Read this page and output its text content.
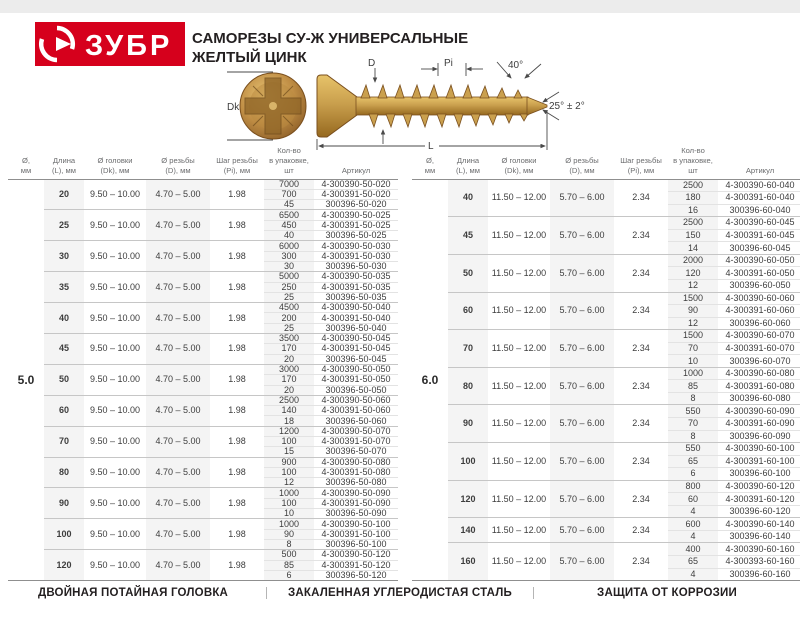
ЗУБР САМОРЕЗЫ СУ-Ж УНИВЕРСАЛЬНЫЕ
ЖЕЛТЫЙ ЦИНК
Dk
D	Pi	40°
25° ± 2°
L
Ø,
мм

Длина
(L), мм

Ø головки
(Dk), мм

Ø резьбы
(D), мм

Шаг резьбы
(Pi), мм

Кол-во
в упаковке, шт	Артикул

5.0	20	9.50 – 10.00	4.70 – 5.00	1.98	7000	4-300390-50-020
					700	4-300391-50-020
					45	300396-50-020
	25	9.50 – 10.00	4.70 – 5.00	1.98	6500	4-300390-50-025
					450	4-300391-50-025
					40	300396-50-025
	30	9.50 – 10.00	4.70 – 5.00	1.98	6000	4-300390-50-030
					300	4-300391-50-030
					30	300396-50-030
	35	9.50 – 10.00	4.70 – 5.00	1.98	5000	4-300390-50-035
					250	4-300391-50-035
					25	300396-50-035
	40	9.50 – 10.00	4.70 – 5.00	1.98	4500	4-300390-50-040
					200	4-300391-50-040
					25	300396-50-040
	45	9.50 – 10.00	4.70 – 5.00	1.98	3500	4-300390-50-045
					170	4-300391-50-045
					20	300396-50-045
	50	9.50 – 10.00	4.70 – 5.00	1.98	3000	4-300390-50-050
					170	4-300391-50-050
					20	300396-50-050
	60	9.50 – 10.00	4.70 – 5.00	1.98	2500	4-300390-50-060
					140	4-300391-50-060
					18	300396-50-060
	70	9.50 – 10.00	4.70 – 5.00	1.98	1200	4-300390-50-070
					100	4-300391-50-070
					15	300396-50-070
	80	9.50 – 10.00	4.70 – 5.00	1.98	900	4-300390-50-080
					100	4-300391-50-080
					12	300396-50-080
	90	9.50 – 10.00	4.70 – 5.00	1.98	1000	4-300390-50-090
					100	4-300391-50-090
					10	300396-50-090
	100	9.50 – 10.00	4.70 – 5.00	1.98	1000	4-300390-50-100
					90	4-300391-50-100
					8	300396-50-100
	120	9.50 – 10.00	4.70 – 5.00	1.98	500	4-300390-50-120
					85	4-300391-50-120
					6	300396-50-120
Ø,
мм

Длина
(L), мм

Ø головки
(Dk), мм

Ø резьбы
(D), мм

Шаг резьбы
(Pi), мм

Кол-во
в упаковке, шт	Артикул

6.0	40	11.50 – 12.00	5.70 – 6.00	2.34	2500	4-300390-60-040
					180	4-300391-60-040
					16	300396-60-040
	45	11.50 – 12.00	5.70 – 6.00	2.34	2500	4-300390-60-045
					150	4-300391-60-045
					14	300396-60-045
	50	11.50 – 12.00	5.70 – 6.00	2.34	2000	4-300390-60-050
					120	4-300391-60-050
					12	300396-60-050
	60	11.50 – 12.00	5.70 – 6.00	2.34	1500	4-300390-60-060
					90	4-300391-60-060
					12	300396-60-060
	70	11.50 – 12.00	5.70 – 6.00	2.34	1500	4-300390-60-070
					70	4-300391-60-070
					10	300396-60-070
	80	11.50 – 12.00	5.70 – 6.00	2.34	1000	4-300390-60-080
					85	4-300391-60-080
					8	300396-60-080
	90	11.50 – 12.00	5.70 – 6.00	2.34	550	4-300390-60-090
					70	4-300391-60-090
					8	300396-60-090
	100	11.50 – 12.00	5.70 – 6.00	2.34	550	4-300390-60-100
					65	4-300391-60-100
					6	300396-60-100
	120	11.50 – 12.00	5.70 – 6.00	2.34	800	4-300390-60-120
					60	4-300391-60-120
					4	300396-60-120
	140	11.50 – 12.00	5.70 – 6.00	2.34	600	4-300390-60-140
					4	300396-60-140
	160	11.50 – 12.00	5.70 – 6.00	2.34	400	4-300390-60-160
					65	4-300393-60-160
					4	300396-60-160
ДВОЙНАЯ ПОТАЙНАЯ ГОЛОВКА	ЗАКАЛЕННАЯ УГЛЕРОДИСТАЯ СТАЛЬ	ЗАЩИТА ОТ КОРРОЗИИ
